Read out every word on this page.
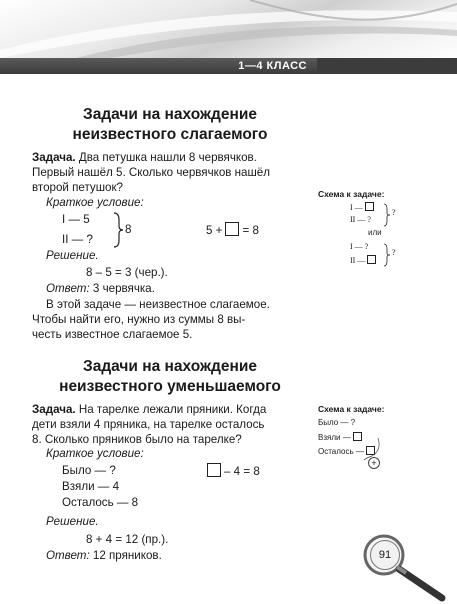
1—4 КЛАСС
Задачи на нахождение
неизвестного слагаемого
Задача. Два петушка нашли 8 червячков.
Первый нашёл 5. Сколько червячков нашёл
второй петушок?
Краткое условие:
I — 5
II — ?
8	5 + = 8
Решение.
8 – 5 = 3 (чер.).
Ответ: 3 червячка.
В этой задаче — неизвестное слагаемое.
Чтобы найти его, нужно из суммы 8 вы-
честь известное слагаемое 5.
Схема к задаче:
I —
II — ?
?
или
I — ?
II —
?
Задачи на нахождение
неизвестного уменьшаемого
Задача. На тарелке лежали пряники. Когда
дети взяли 4 пряника, на тарелке осталось
8. Сколько пряников было на тарелке?
Краткое условие:
Было — ?
Взяли — 4
Осталось — 8
– 4 = 8
Решение.
8 + 4 = 12 (пр.).
Ответ: 12 пряников.
Схема к задаче:
Было — ?
Взяли —
Осталось —
+
91
